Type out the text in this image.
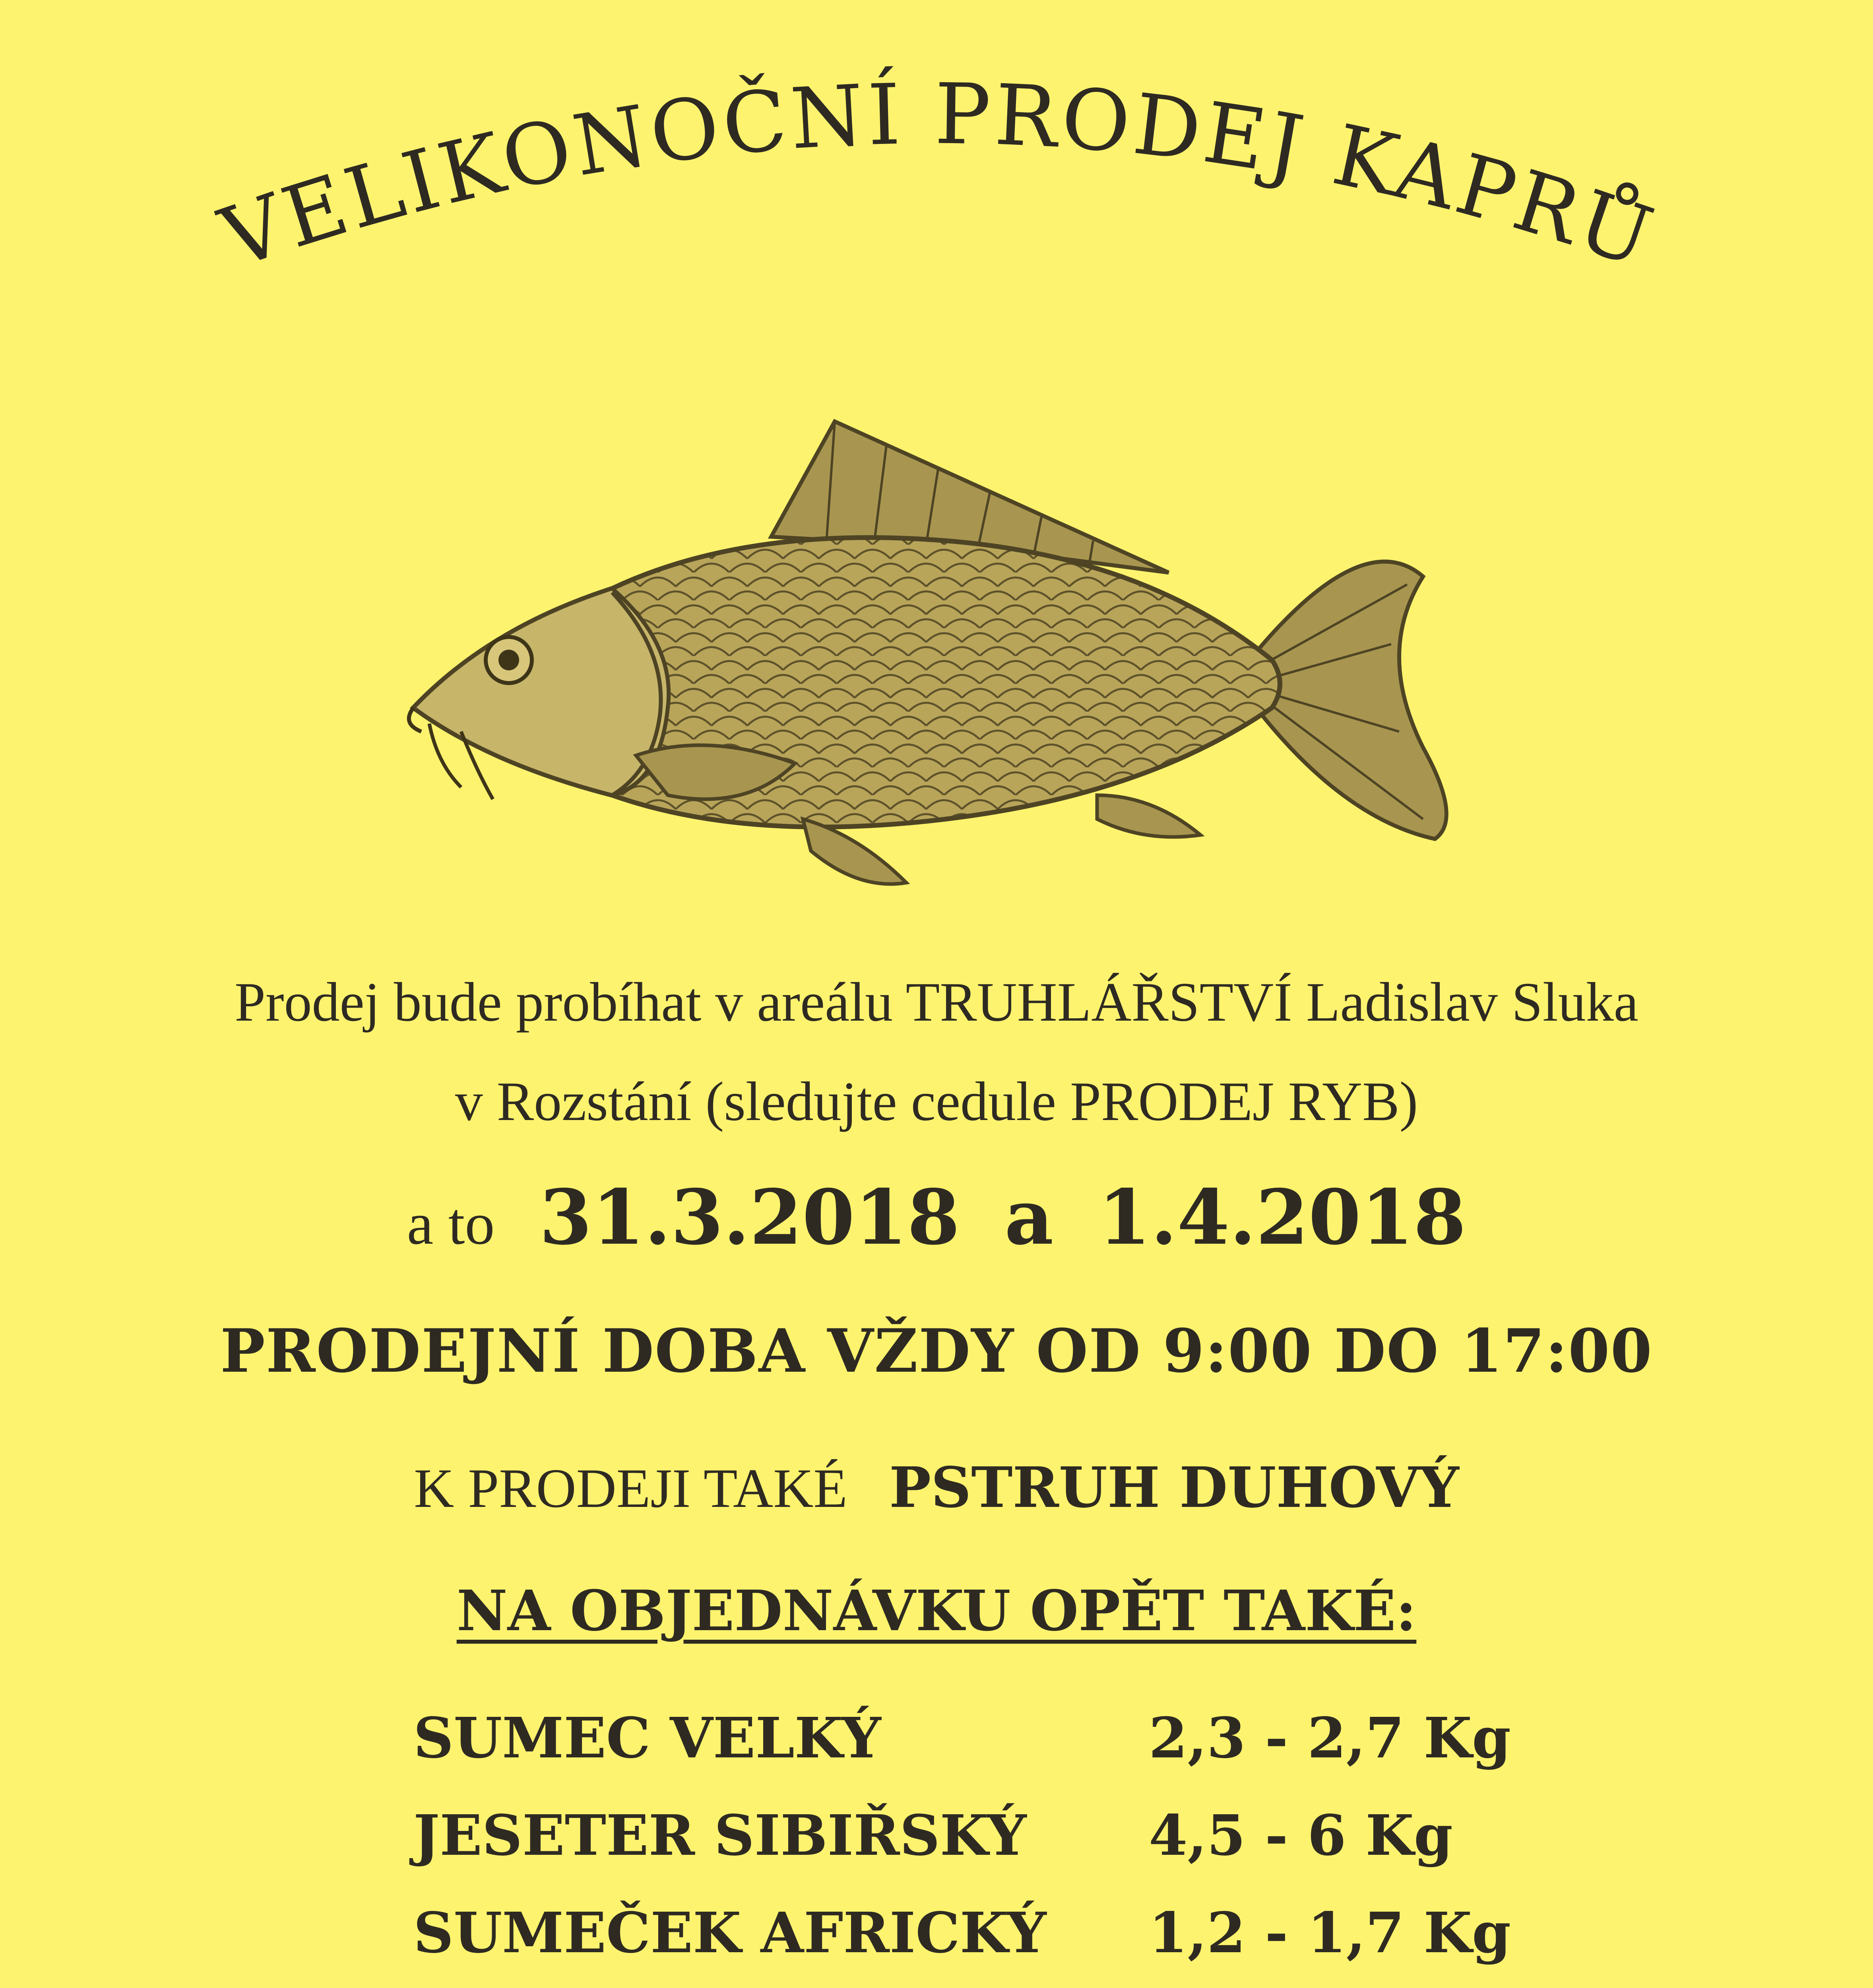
VELIKONOČNÍ PRODEJ KAPRŮ
Prodej bude probíhat v areálu TRUHLÁŘSTVÍ Ladislav Sluka
v Rozstání (sledujte cedule PRODEJ RYB)
a to 31.3.2018 a 1.4.2018
PRODEJNÍ DOBA VŽDY OD 9:00 DO 17:00
K PRODEJI TAKÉ PSTRUH DUHOVÝ
NA OBJEDNÁVKU OPĚT TAKÉ:
SUMEC VELKÝ	2,3 - 2,7 Kg
JESETER SIBIŘSKÝ 4,5 - 6 Kg
SUMEČEK AFRICKÝ 1,2 - 1,7 Kg
